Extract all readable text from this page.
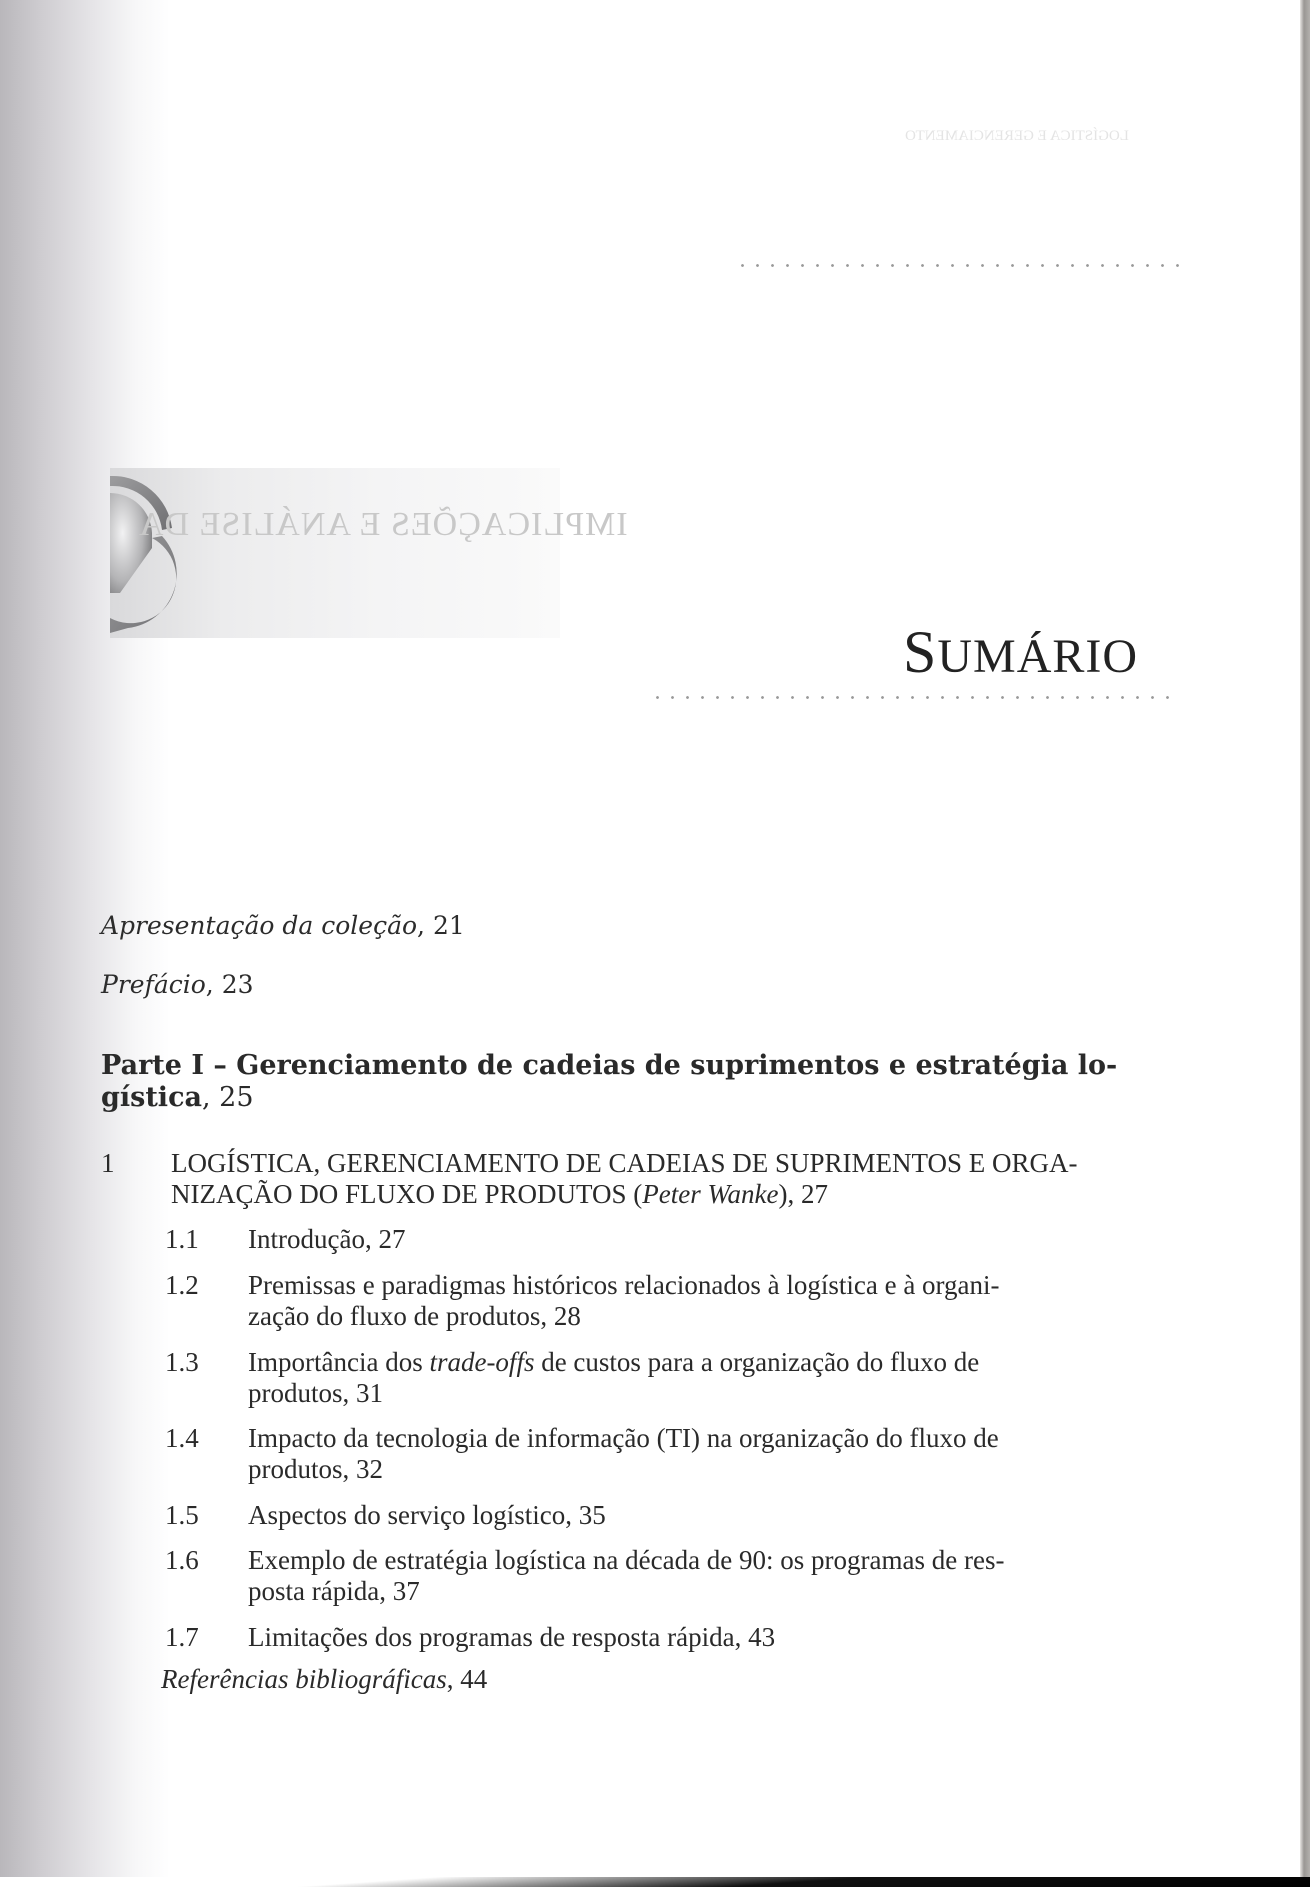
LOGÍSTICA E GERENCIAMENTO
IMPLICAÇÕES E ANÁLISE DA
SUMÁRIO
Apresentação da coleção, 21
Prefácio, 23
Parte I – Gerenciamento de cadeias de suprimentos e estratégia lo-
gística, 25
1 LOGÍSTICA, GERENCIAMENTO DE CADEIAS DE SUPRIMENTOS E ORGA-
NIZAÇÃO DO FLUXO DE PRODUTOS (Peter Wanke), 27
1.1 Introdução, 27
1.2 Premissas e paradigmas históricos relacionados à logística e à organi-
zação do fluxo de produtos, 28
1.3 Importância dos trade-offs de custos para a organização do fluxo de
produtos, 31
1.4 Impacto da tecnologia de informação (TI) na organização do fluxo de
produtos, 32
1.5 Aspectos do serviço logístico, 35
1.6 Exemplo de estratégia logística na década de 90: os programas de res-
posta rápida, 37
1.7 Limitações dos programas de resposta rápida, 43
Referências bibliográficas, 44
